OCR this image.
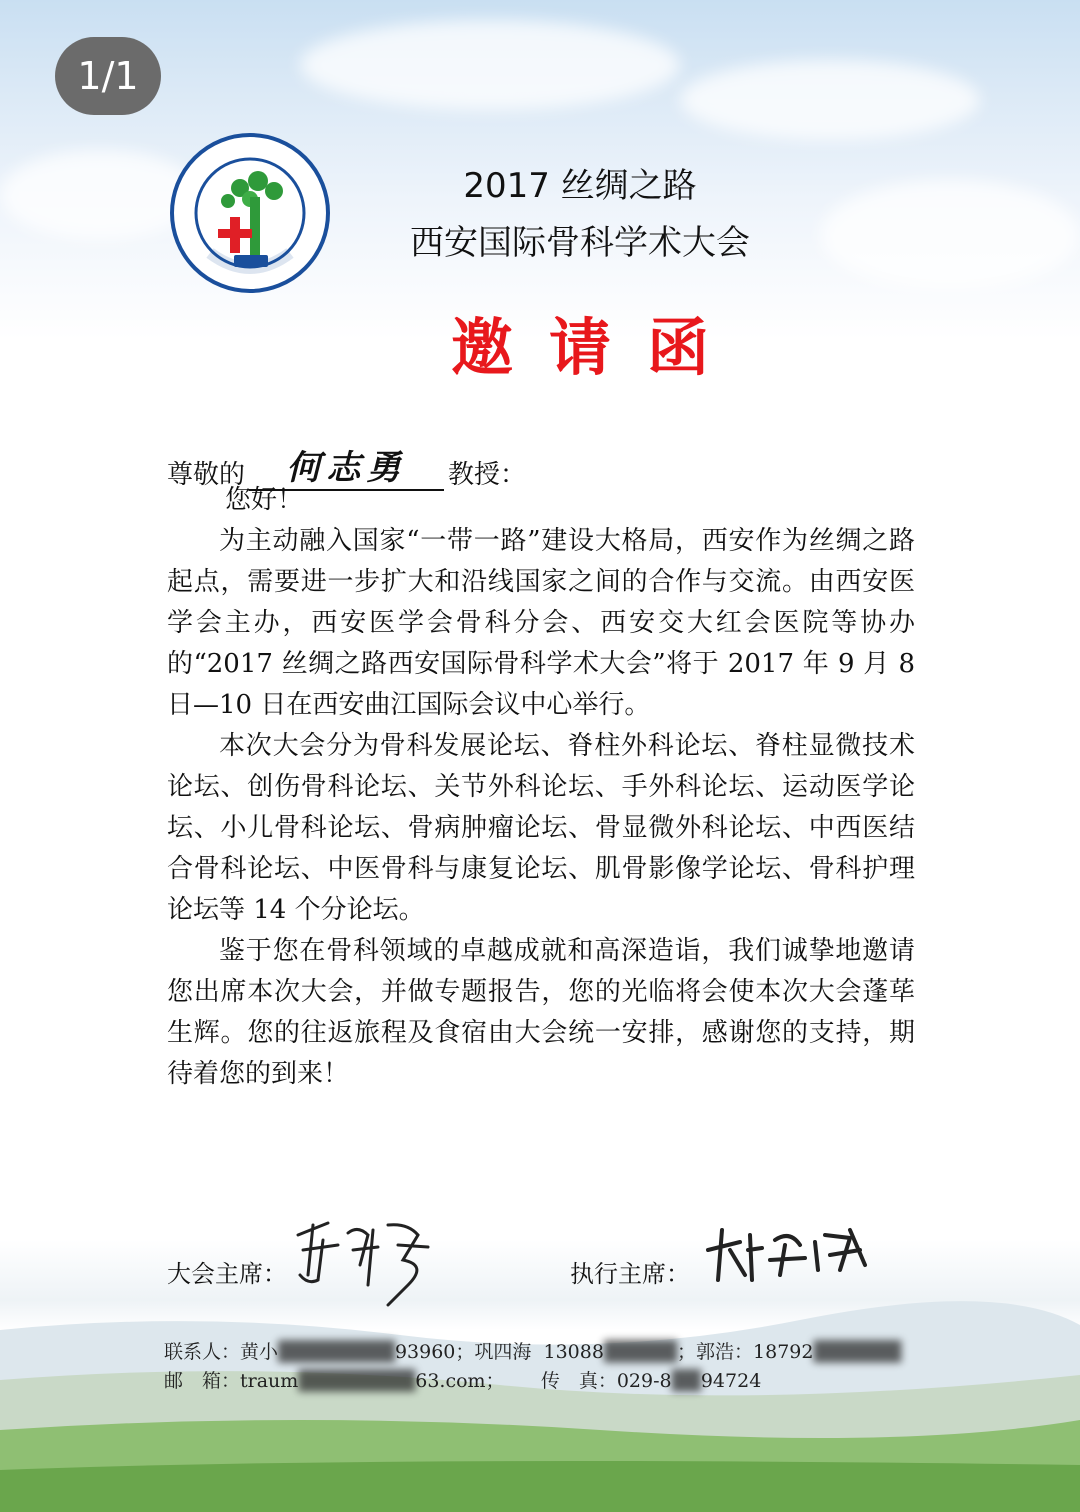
1/1
2017 丝绸之路
西安国际骨科学术大会
邀请函
尊敬的	何志勇	教授：

您好！

为主动融入国家“一带一路”建设大格局，西安作为丝绸之路起点，需要进一步扩大和沿线国家之间的合作与交流。由西安医学会主办，西安医学会骨科分会、西安交大红会医院等协办的“2017 丝绸之路西安国际骨科学术大会”将于 2017 年 9 月 8 日—10 日在西安曲江国际会议中心举行。

本次大会分为骨科发展论坛、脊柱外科论坛、脊柱显微技术论坛、创伤骨科论坛、关节外科论坛、手外科论坛、运动医学论坛、小儿骨科论坛、骨病肿瘤论坛、骨显微外科论坛、中西医结合骨科论坛、中医骨科与康复论坛、肌骨影像学论坛、骨科护理论坛等 14 个分论坛。

鉴于您在骨科领域的卓越成就和高深造诣，我们诚挚地邀请您出席本次大会，并做专题报告，您的光临将会使本次大会蓬荜生辉。您的往返旅程及食宿由大会统一安排，感谢您的支持，期待着您的到来！

大会主席：	执行主席：
联系人：黄小████████93960；巩四海 13088█████；郭浩：18792██████
邮　箱：traum████████63.com； 传　真：029-8██94724
